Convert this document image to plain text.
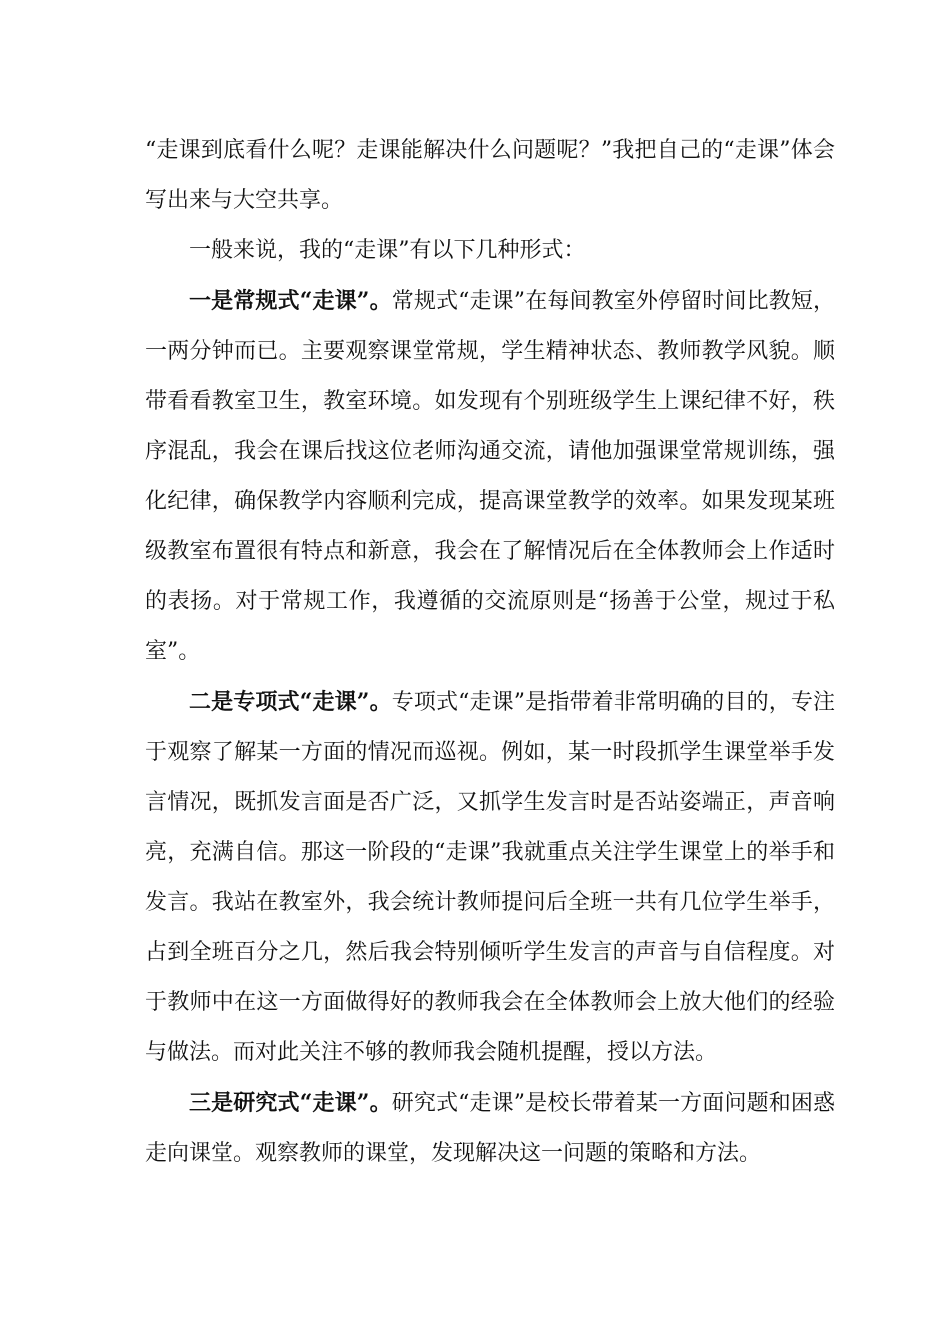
“走课到底看什么呢？走课能解决什么问题呢？”我把自己的“走课”体会写出来与大空共享。

一般来说，我的“走课”有以下几种形式：

一是常规式“走课”。常规式“走课”在每间教室外停留时间比教短，一两分钟而已。主要观察课堂常规，学生精神状态、教师教学风貌。顺带看看教室卫生，教室环境。如发现有个别班级学生上课纪律不好，秩序混乱，我会在课后找这位老师沟通交流，请他加强课堂常规训练，强化纪律，确保教学内容顺利完成，提高课堂教学的效率。如果发现某班级教室布置很有特点和新意，我会在了解情况后在全体教师会上作适时的表扬。对于常规工作，我遵循的交流原则是“扬善于公堂，规过于私室”。

二是专项式“走课”。专项式“走课”是指带着非常明确的目的，专注于观察了解某一方面的情况而巡视。例如，某一时段抓学生课堂举手发言情况，既抓发言面是否广泛，又抓学生发言时是否站姿端正，声音响亮，充满自信。那这一阶段的“走课”我就重点关注学生课堂上的举手和发言。我站在教室外，我会统计教师提问后全班一共有几位学生举手，占到全班百分之几，然后我会特别倾听学生发言的声音与自信程度。对于教师中在这一方面做得好的教师我会在全体教师会上放大他们的经验与做法。而对此关注不够的教师我会随机提醒，授以方法。

三是研究式“走课”。研究式“走课”是校长带着某一方面问题和困惑走向课堂。观察教师的课堂，发现解决这一问题的策略和方法。
